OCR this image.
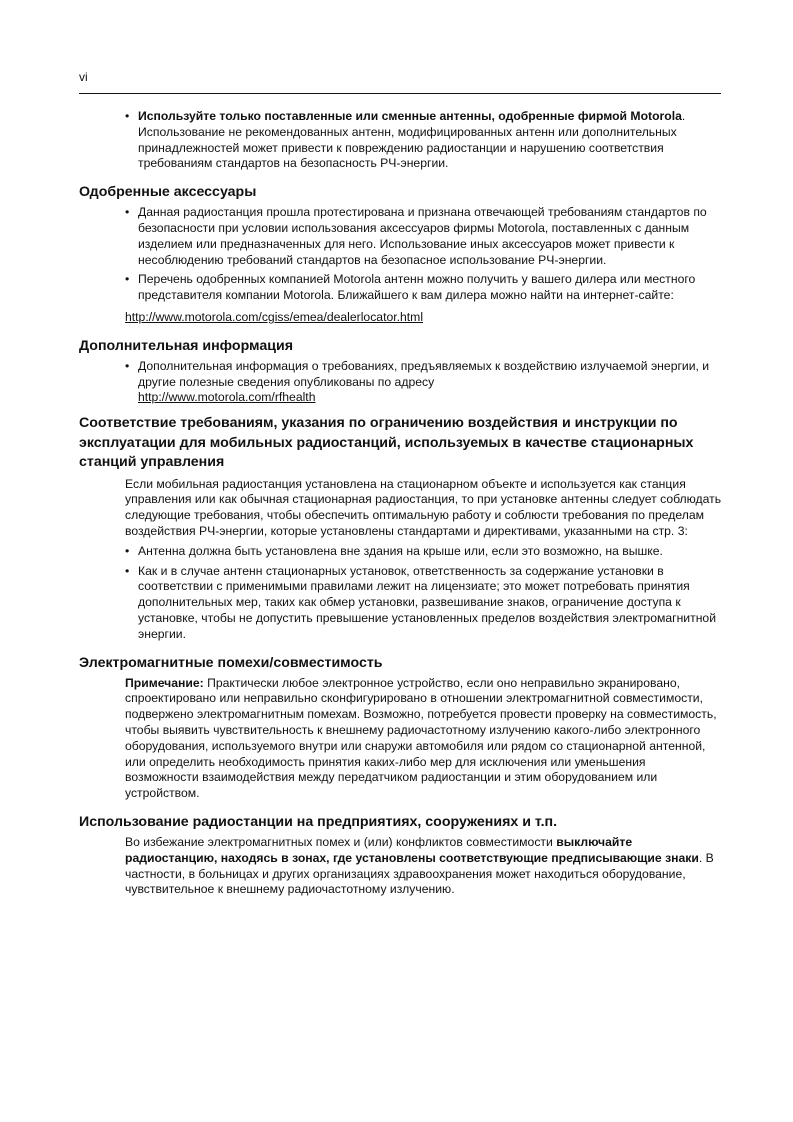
vi
• Используйте только поставленные или сменные антенны, одобренные фирмой Motorola. Использование не рекомендованных антенн, модифицированных антенн или дополнительных принадлежностей может привести к повреждению радиостанции и нарушению соответствия требованиям стандартов на безопасность РЧ-энергии.
Одобренные аксессуары
• Данная радиостанция прошла протестирована и признана отвечающей требованиям стандартов по безопасности при условии использования аксессуаров фирмы Motorola, поставленных с данным изделием или предназначенных для него. Использование иных аксессуаров может привести к несоблюдению требований стандартов на безопасное использование РЧ-энергии.
• Перечень одобренных компанией Motorola антенн можно получить у вашего дилера или местного представителя компании Motorola. Ближайшего к вам дилера можно найти на интернет-сайте:
http://www.motorola.com/cgiss/emea/dealerlocator.html
Дополнительная информация
• Дополнительная информация о требованиях, предъявляемых к воздействию излучаемой энергии, и другие полезные сведения опубликованы по адресу
http://www.motorola.com/rfhealth
Соответствие требованиям, указания по ограничению воздействия и инструкции по эксплуатации для мобильных радиостанций, используемых в качестве стационарных станций управления
Если мобильная радиостанция установлена на стационарном объекте и используется как станция управления или как обычная стационарная радиостанция, то при установке антенны следует соблюдать следующие требования, чтобы обеспечить оптимальную работу и соблюсти требования по пределам воздействия РЧ-энергии, которые установлены стандартами и директивами, указанными на стр. 3:
• Антенна должна быть установлена вне здания на крыше или, если это возможно, на вышке.
• Как и в случае антенн стационарных установок, ответственность за содержание установки в соответствии с применимыми правилами лежит на лицензиате; это может потребовать принятия дополнительных мер, таких как обмер установки, развешивание знаков, ограничение доступа к установке, чтобы не допустить превышение установленных пределов воздействия электромагнитной энергии.
Электромагнитные помехи/совместимость
Примечание: Практически любое электронное устройство, если оно неправильно экранировано, спроектировано или неправильно сконфигурировано в отношении электромагнитной совместимости, подвержено электромагнитным помехам. Возможно, потребуется провести проверку на совместимость, чтобы выявить чувствительность к внешнему радиочастотному излучению какого-либо электронного оборудования, используемого внутри или снаружи автомобиля или рядом со стационарной антенной, или определить необходимость принятия каких-либо мер для исключения или уменьшения возможности взаимодействия между передатчиком радиостанции и этим оборудованием или устройством.
Использование радиостанции на предприятиях, сооружениях и т.п.
Во избежание электромагнитных помех и (или) конфликтов совместимости выключайте радиостанцию, находясь в зонах, где установлены соответствующие предписывающие знаки. В частности, в больницах и других организациях здравоохранения может находиться оборудование, чувствительное к внешнему радиочастотному излучению.
